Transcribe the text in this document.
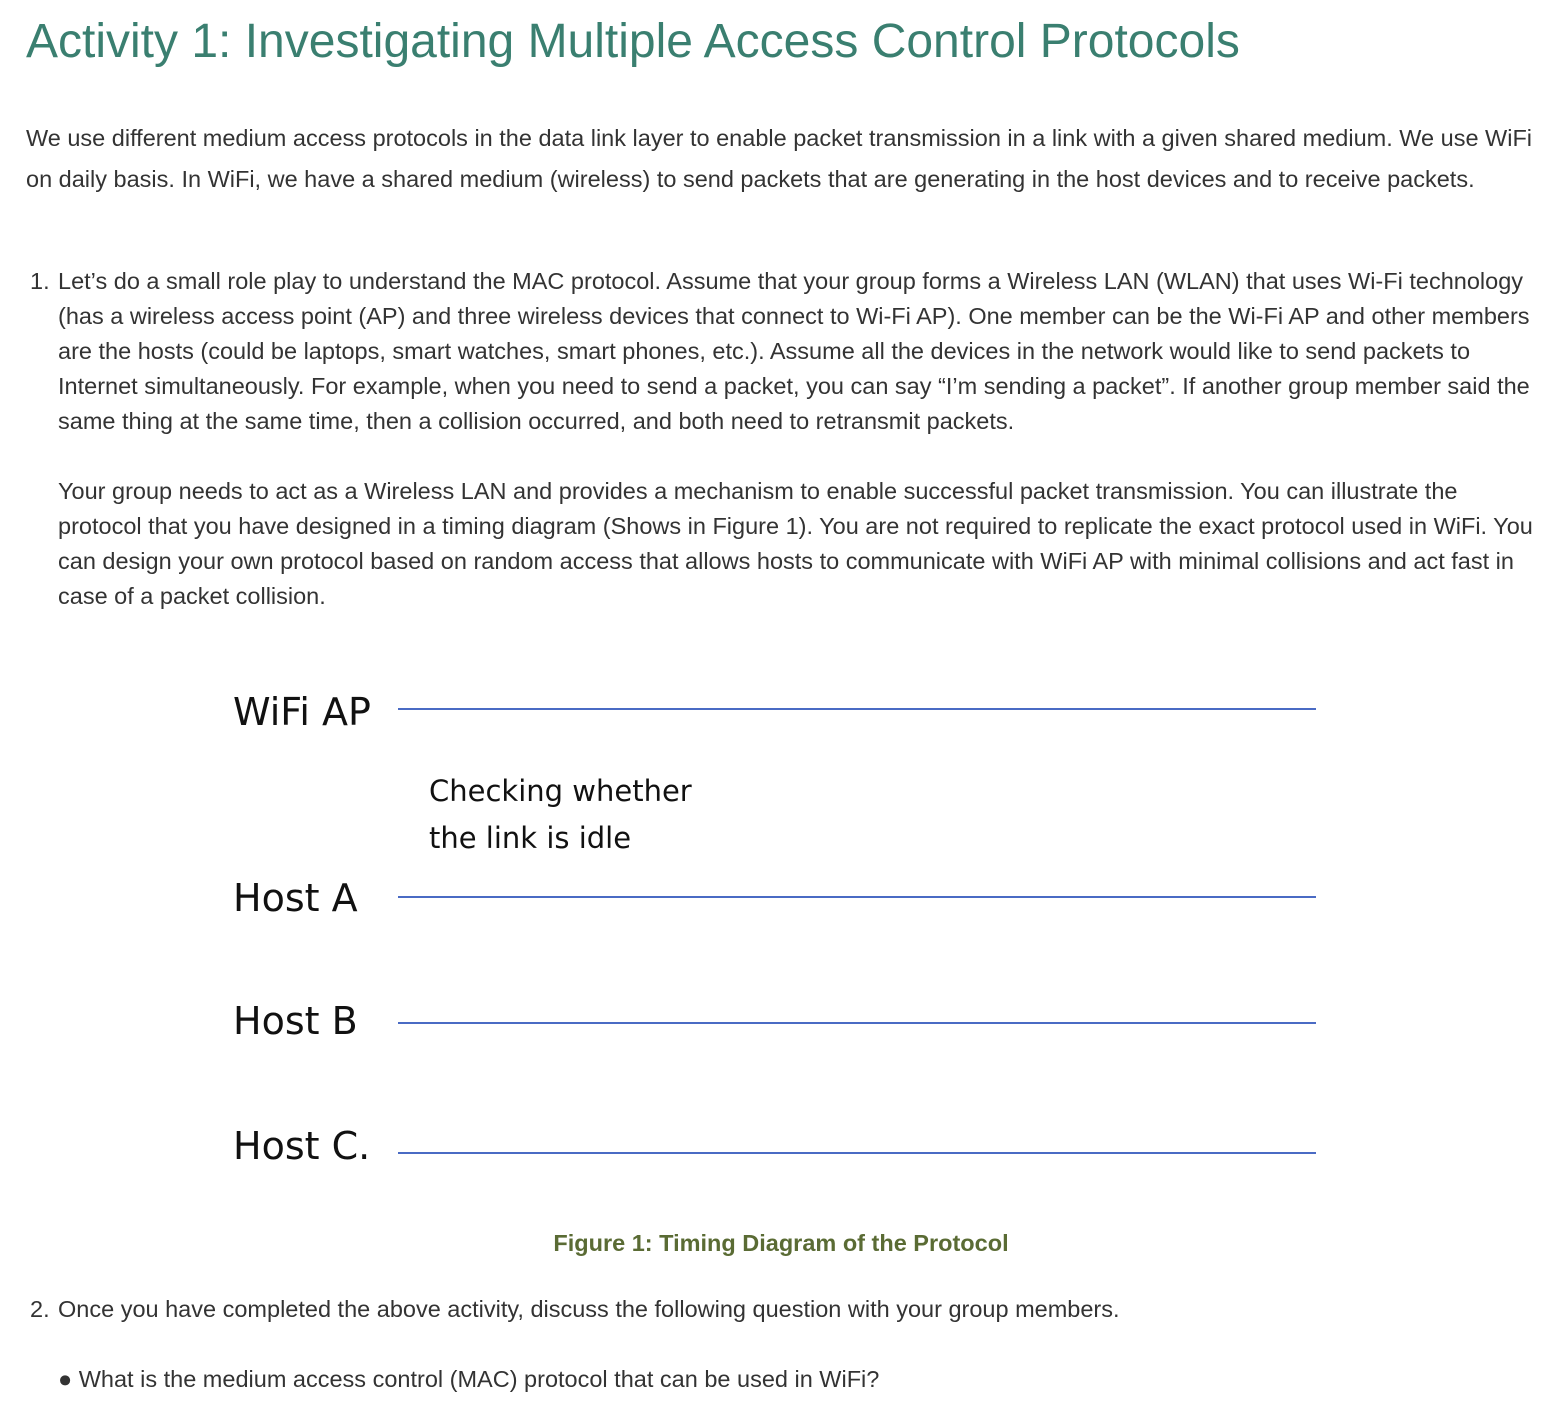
Activity 1: Investigating Multiple Access Control Protocols

We use different medium access protocols in the data link layer to enable packet transmission in a link with a given shared medium. We use WiFi on daily basis. In WiFi, we have a shared medium (wireless) to send packets that are generating in the host devices and to receive packets.

1. Let’s do a small role play to understand the MAC protocol. Assume that your group forms a Wireless LAN (WLAN) that uses Wi-Fi technology (has a wireless access point (AP) and three wireless devices that connect to Wi-Fi AP). One member can be the Wi-Fi AP and other members are the hosts (could be laptops, smart watches, smart phones, etc.). Assume all the devices in the network would like to send packets to Internet simultaneously. For example, when you need to send a packet, you can say “I’m sending a packet”. If another group member said the same thing at the same time, then a collision occurred, and both need to retransmit packets.

Your group needs to act as a Wireless LAN and provides a mechanism to enable successful packet transmission. You can illustrate the protocol that you have designed in a timing diagram (Shows in Figure 1). You are not required to replicate the exact protocol used in WiFi. You can design your own protocol based on random access that allows hosts to communicate with WiFi AP with minimal collisions and act fast in case of a packet collision.

WiFi AP
Checking whether
the link is idle
Host A
Host B
Host C.
Figure 1: Timing Diagram of the Protocol
2. Once you have completed the above activity, discuss the following question with your group members.

● What is the medium access control (MAC) protocol that can be used in WiFi?
